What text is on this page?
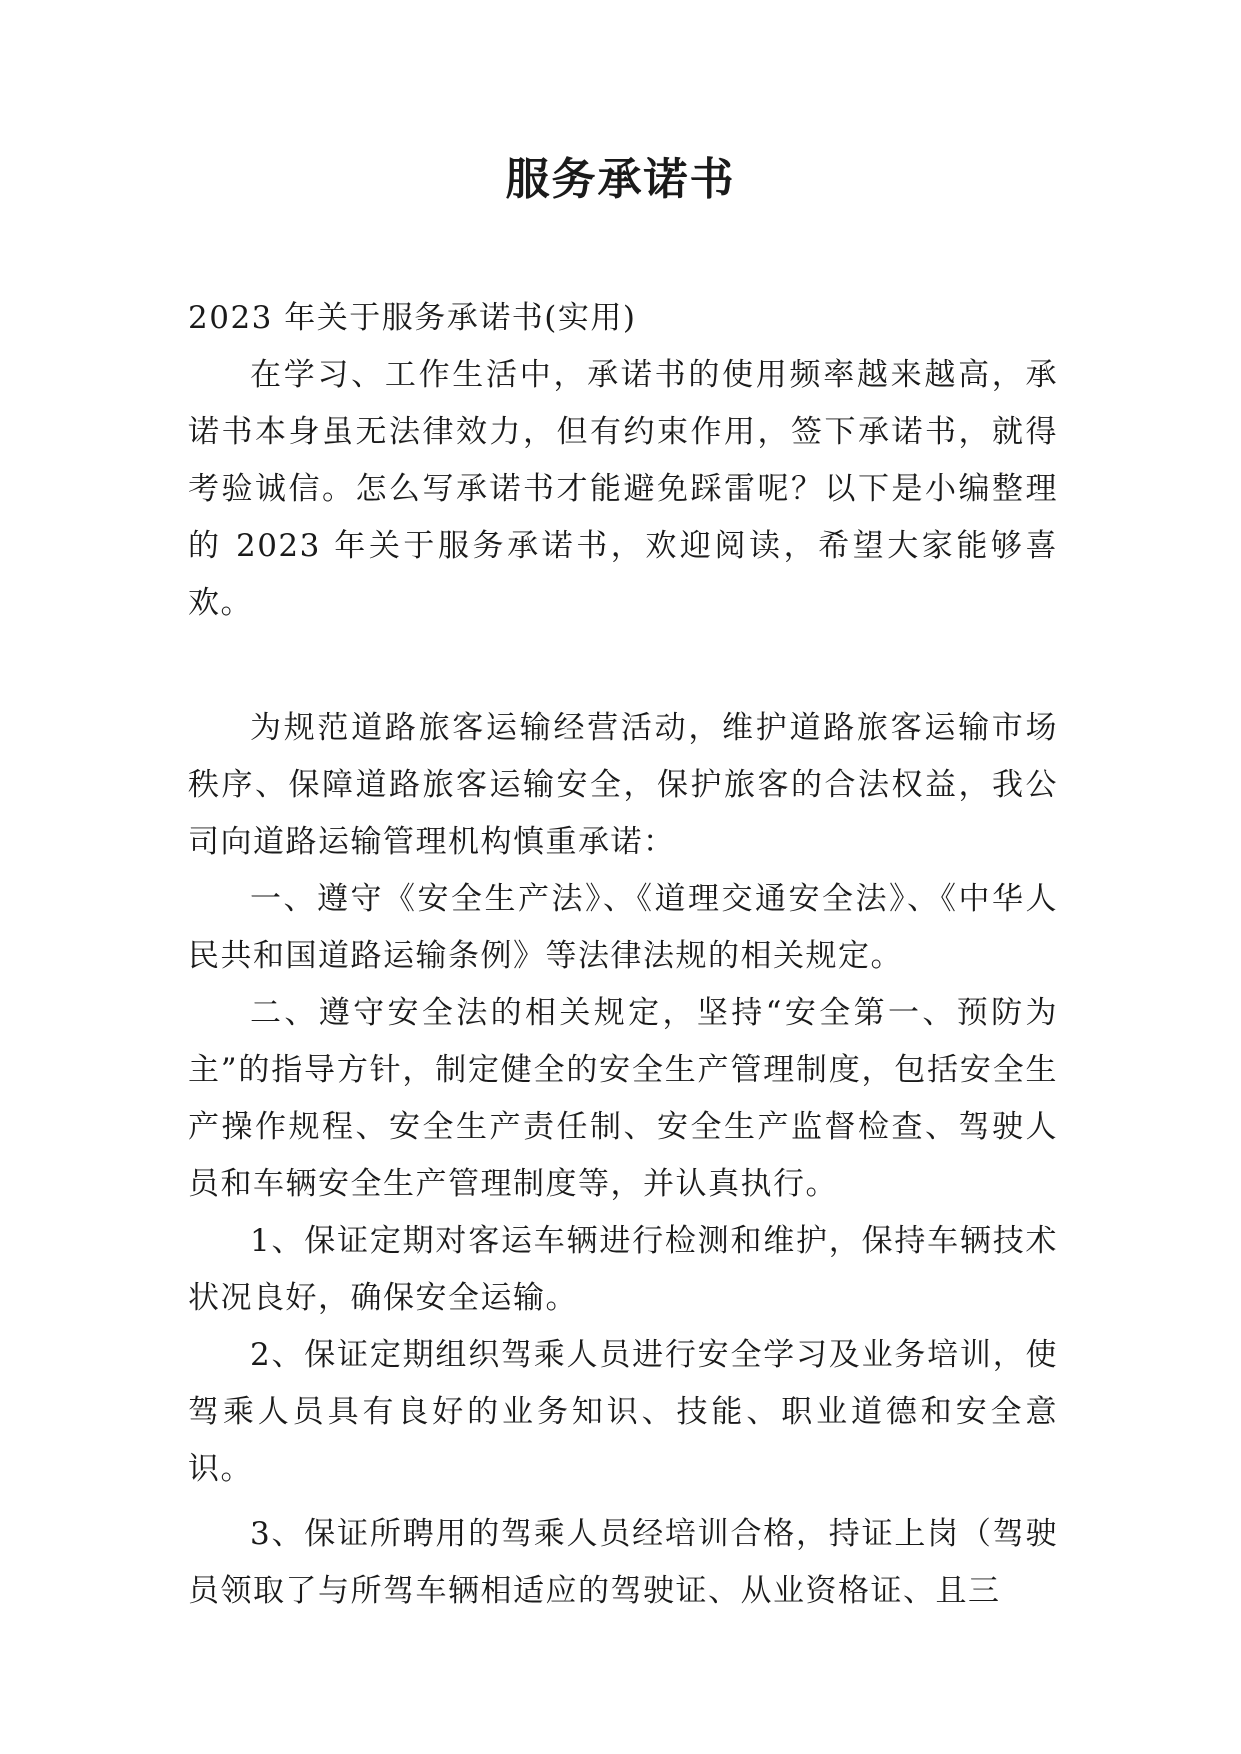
服务承诺书

2023 年关于服务承诺书(实用)

在学习、工作生活中，承诺书的使用频率越来越高，承诺书本身虽无法律效力，但有约束作用，签下承诺书，就得考验诚信。怎么写承诺书才能避免踩雷呢？以下是小编整理的 2023 年关于服务承诺书，欢迎阅读，希望大家能够喜欢。

为规范道路旅客运输经营活动，维护道路旅客运输市场秩序、保障道路旅客运输安全，保护旅客的合法权益，我公司向道路运输管理机构慎重承诺：

一、遵守《安全生产法》、《道理交通安全法》、《中华人民共和国道路运输条例》等法律法规的相关规定。

二、遵守安全法的相关规定，坚持“安全第一、预防为主”的指导方针，制定健全的安全生产管理制度，包括安全生产操作规程、安全生产责任制、安全生产监督检查、驾驶人员和车辆安全生产管理制度等，并认真执行。

1、保证定期对客运车辆进行检测和维护，保持车辆技术状况良好，确保安全运输。

2、保证定期组织驾乘人员进行安全学习及业务培训，使驾乘人员具有良好的业务知识、技能、职业道德和安全意识。

3、保证所聘用的驾乘人员经培训合格，持证上岗（驾驶员领取了与所驾车辆相适应的驾驶证、从业资格证、且三
